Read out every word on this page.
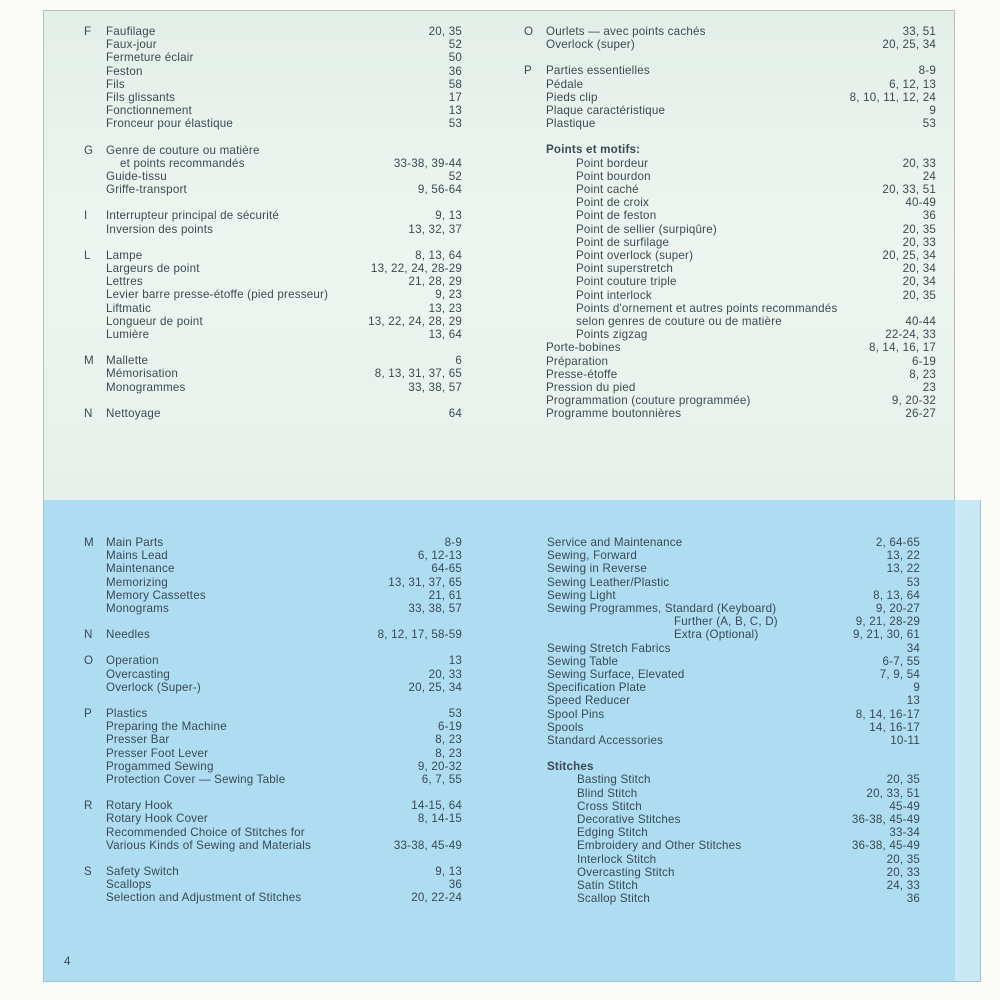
F	Faufilage	20, 35
Faux-jour	52
Fermeture éclair	50
Feston	36
Fils	58
Fils glissants	17
Fonctionnement	13
Fronceur pour élastique	53
G	Genre de couture ou matière
et points recommandés	33-38, 39-44
Guide-tissu	52
Griffe-transport	9, 56-64
I	Interrupteur principal de sécurité	9, 13
Inversion des points	13, 32, 37
L	Lampe	8, 13, 64
Largeurs de point	13, 22, 24, 28-29
Lettres	21, 28, 29
Levier barre presse-étoffe (pied presseur)	9, 23
Liftmatic	13, 23
Longueur de point	13, 22, 24, 28, 29
Lumière	13, 64
M	Mallette	6
Mémorisation	8, 13, 31, 37, 65
Monogrammes	33, 38, 57
N	Nettoyage	64
O	Ourlets — avec points cachés	33, 51
Overlock (super)	20, 25, 34
P	Parties essentielles	8-9
Pédale	6, 12, 13
Pieds clip	8, 10, 11, 12, 24
Plaque caractéristique	9
Plastique	53
Points et motifs:
Point bordeur	20, 33
Point bourdon	24
Point caché	20, 33, 51
Point de croix	40-49
Point de feston	36
Point de sellier (surpiqûre)	20, 35
Point de surfilage	20, 33
Point overlock (super)	20, 25, 34
Point superstretch	20, 34
Point couture triple	20, 34
Point interlock	20, 35
Points d'ornement et autres points recommandés
selon genres de couture ou de matière	40-44
Points zigzag	22-24, 33
Porte-bobines	8, 14, 16, 17
Préparation	6-19
Presse-étoffe	8, 23
Pression du pied	23
Programmation (couture programmée)	9, 20-32
Programme boutonnières	26-27
M	Main Parts	8-9
Mains Lead	6, 12-13
Maintenance	64-65
Memorizing	13, 31, 37, 65
Memory Cassettes	21, 61
Monograms	33, 38, 57
N	Needles	8, 12, 17, 58-59
O	Operation	13
Overcasting	20, 33
Overlock (Super-)	20, 25, 34
P	Plastics	53
Preparing the Machine	6-19
Presser Bar	8, 23
Presser Foot Lever	8, 23
Progammed Sewing	9, 20-32
Protection Cover — Sewing Table	6, 7, 55
R	Rotary Hook	14-15, 64
Rotary Hook Cover	8, 14-15
Recommended Choice of Stitches for
Various Kinds of Sewing and Materials	33-38, 45-49
S	Safety Switch	9, 13
Scallops	36
Selection and Adjustment of Stitches	20, 22-24
Service and Maintenance	2, 64-65
Sewing, Forward	13, 22
Sewing in Reverse	13, 22
Sewing Leather/Plastic	53
Sewing Light	8, 13, 64
Sewing Programmes, Standard (Keyboard)	9, 20-27
Further (A, B, C, D)	9, 21, 28-29
Extra (Optional)	9, 21, 30, 61
Sewing Stretch Fabrics	34
Sewing Table	6-7, 55
Sewing Surface, Elevated	7, 9, 54
Specification Plate	9
Speed Reducer	13
Spool Pins	8, 14, 16-17
Spools	14, 16-17
Standard Accessories	10-11
Stitches
Basting Stitch	20, 35
Blind Stitch	20, 33, 51
Cross Stitch	45-49
Decorative Stitches	36-38, 45-49
Edging Stitch	33-34
Embroidery and Other Stitches	36-38, 45-49
Interlock Stitch	20, 35
Overcasting Stitch	20, 33
Satin Stitch	24, 33
Scallop Stitch	36
4
